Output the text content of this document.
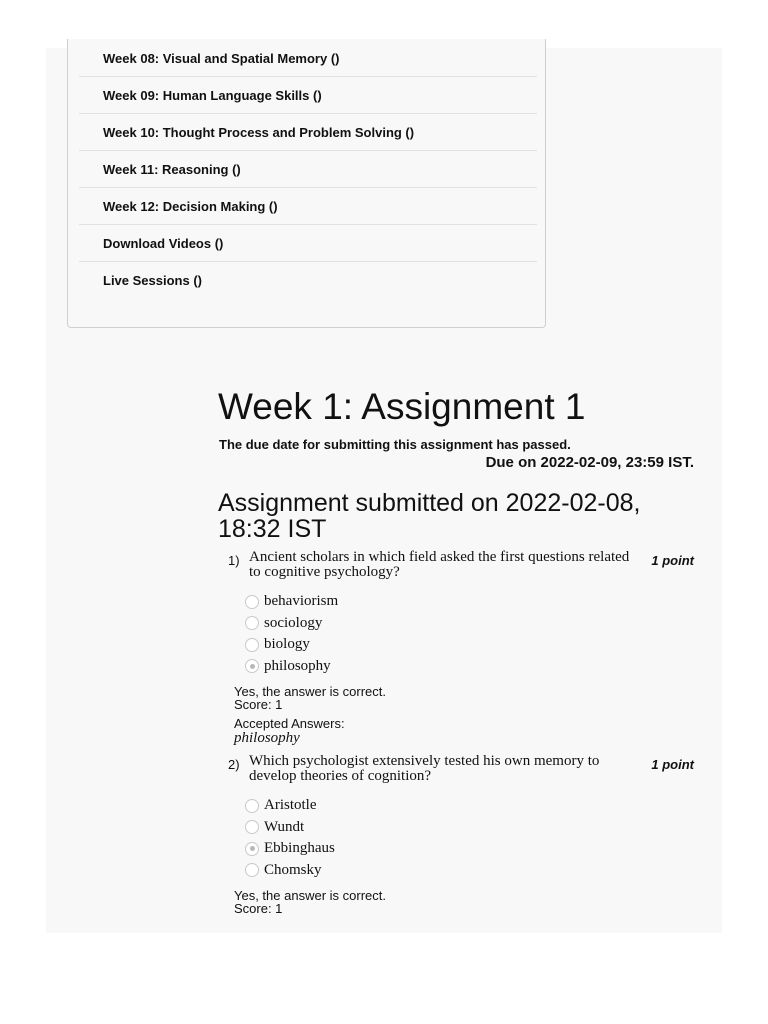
Week 08: Visual and Spatial Memory ()
Week 09: Human Language Skills ()
Week 10: Thought Process and Problem Solving ()
Week 11: Reasoning ()
Week 12: Decision Making ()
Download Videos ()
Live Sessions ()
Week 1: Assignment 1
The due date for submitting this assignment has passed.
Due on 2022-02-09, 23:59 IST.
Assignment submitted on 2022-02-08, 18:32 IST
1) Ancient scholars in which field asked the first questions related to cognitive psychology?
1 point
behaviorism
sociology
biology
philosophy
Yes, the answer is correct.
Score: 1
Accepted Answers:
philosophy
2) Which psychologist extensively tested his own memory to develop theories of cognition?
1 point
Aristotle
Wundt
Ebbinghaus
Chomsky
Yes, the answer is correct.
Score: 1
